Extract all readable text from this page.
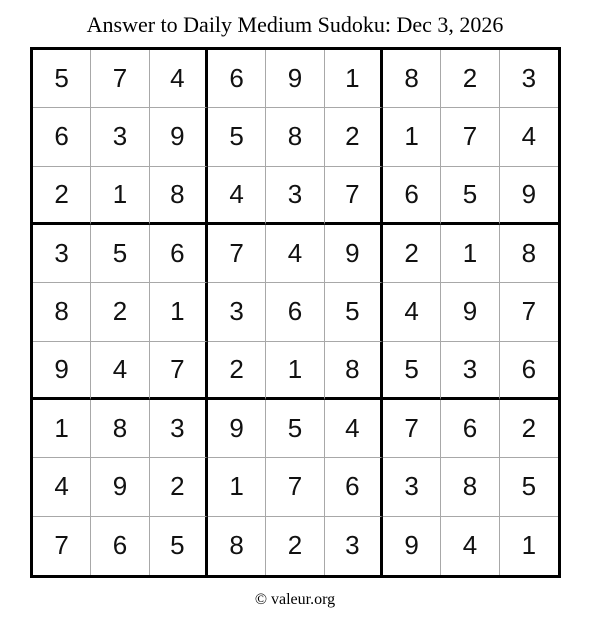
Answer to Daily Medium Sudoku: Dec 3, 2026
5	7	4	6	9	1	8	2	3
6	3	9	5	8	2	1	7	4
2	1	8	4	3	7	6	5	9
3	5	6	7	4	9	2	1	8
8	2	1	3	6	5	4	9	7
9	4	7	2	1	8	5	3	6
1	8	3	9	5	4	7	6	2
4	9	2	1	7	6	3	8	5
7	6	5	8	2	3	9	4	1
© valeur.org
